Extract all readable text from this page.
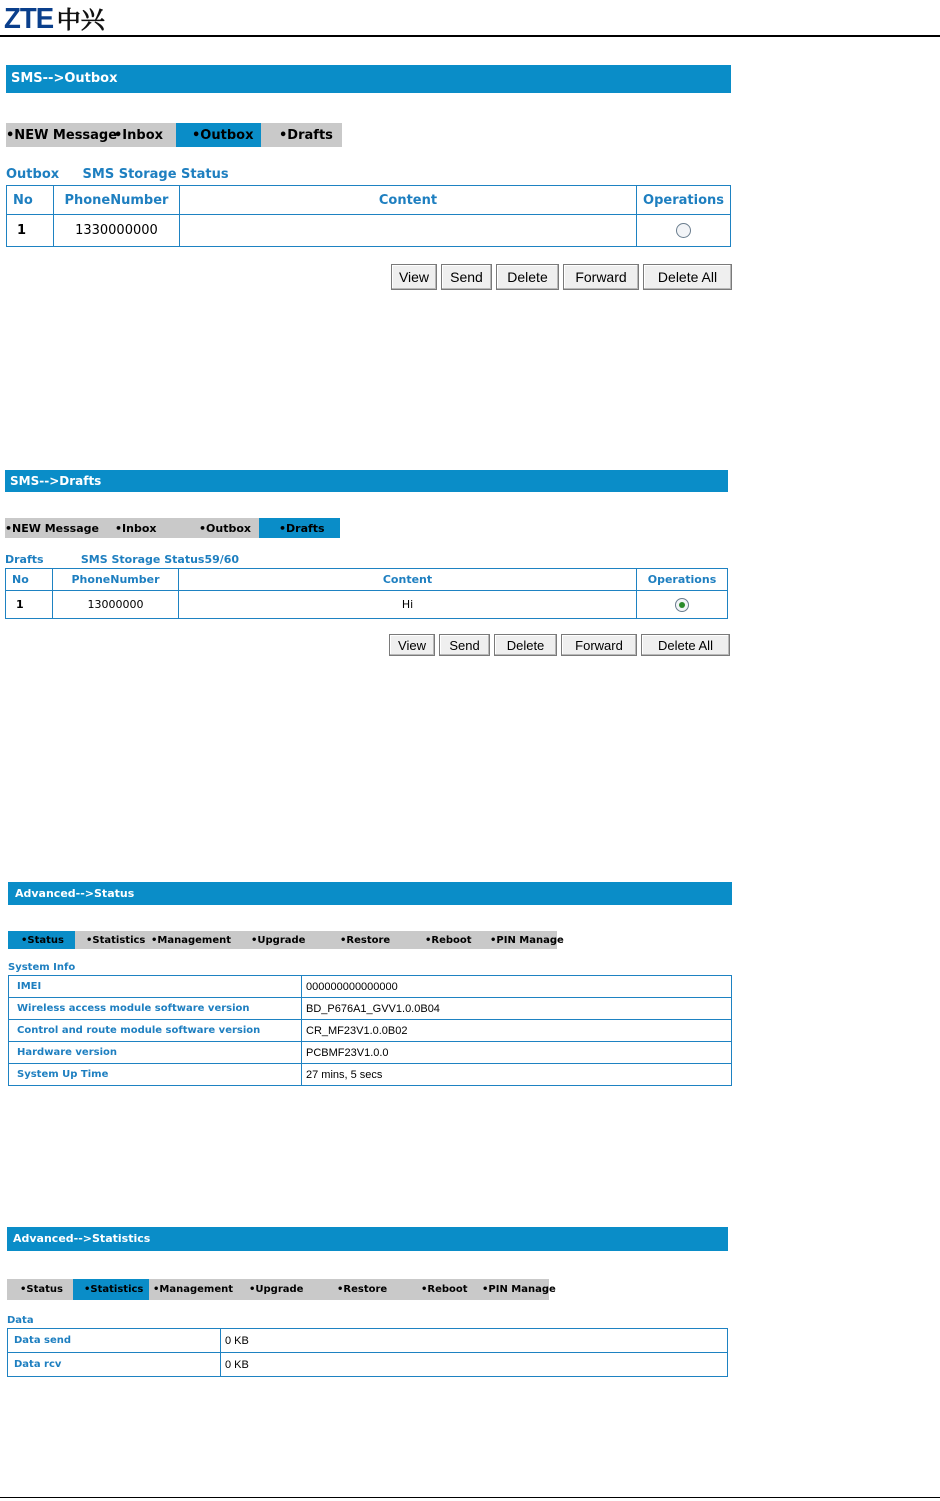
ZTE 中兴
SMS-->Outbox
•NEW Message
•Inbox	•Outbox	•Drafts
Outbox SMS Storage Status
No	PhoneNumber	Content	Operations
1	1330000000		
View	Send	Delete	Forward	Delete All
SMS-->Drafts
•NEW Message	•Inbox	•Outbox	•Drafts
Drafts	SMS Storage Status59/60
No	PhoneNumber	Content	Operations
1	13000000	Hi	
View	Send	Delete	Forward	Delete All
Advanced-->Status
•Status	•Statistics •Management	•Upgrade	•Restore	•Reboot	•PIN Manage
System Info
IMEI	000000000000000
Wireless access module software version	BD_P676A1_GVV1.0.0B04
Control and route module software version	CR_MF23V1.0.0B02
Hardware version	PCBMF23V1.0.0
System Up Time	27 mins, 5 secs
Advanced-->Statistics
•Status	•Statistics •Management	•Upgrade	•Restore	•Reboot	•PIN Manage
Data
Data send	0 KB
Data rcv	0 KB
